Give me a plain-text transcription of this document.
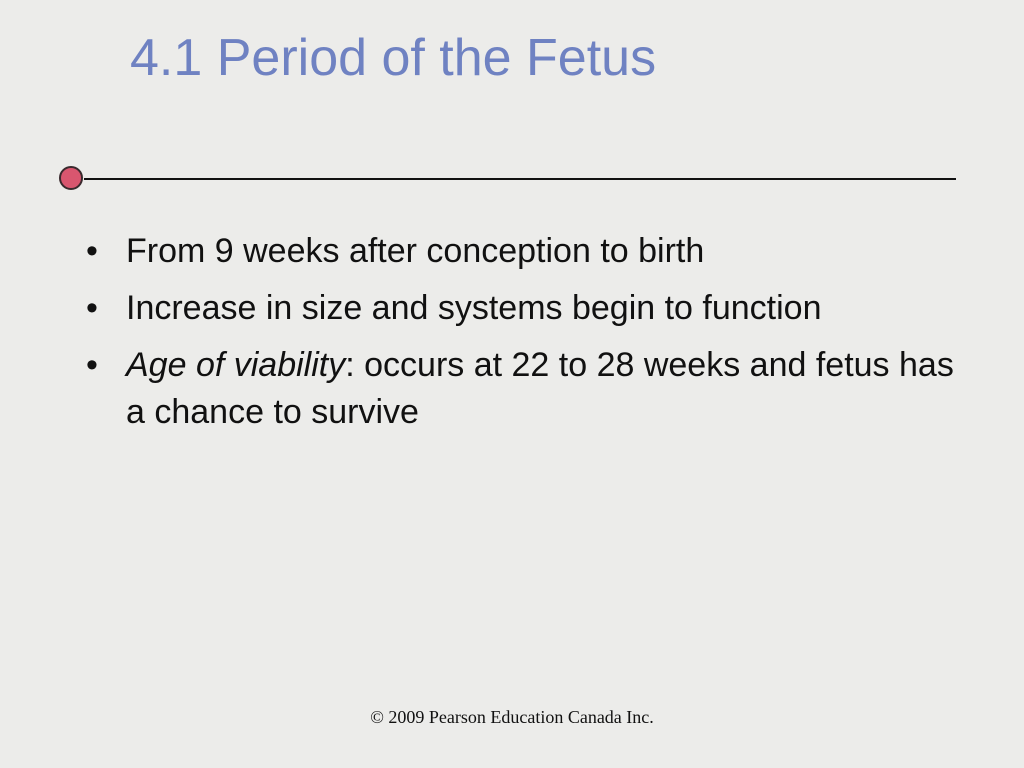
4.1 Period of the Fetus
• From 9 weeks after conception to birth
• Increase in size and systems begin to function
• Age of viability: occurs at 22 to 28 weeks and fetus has a chance to survive
© 2009 Pearson Education Canada Inc.
